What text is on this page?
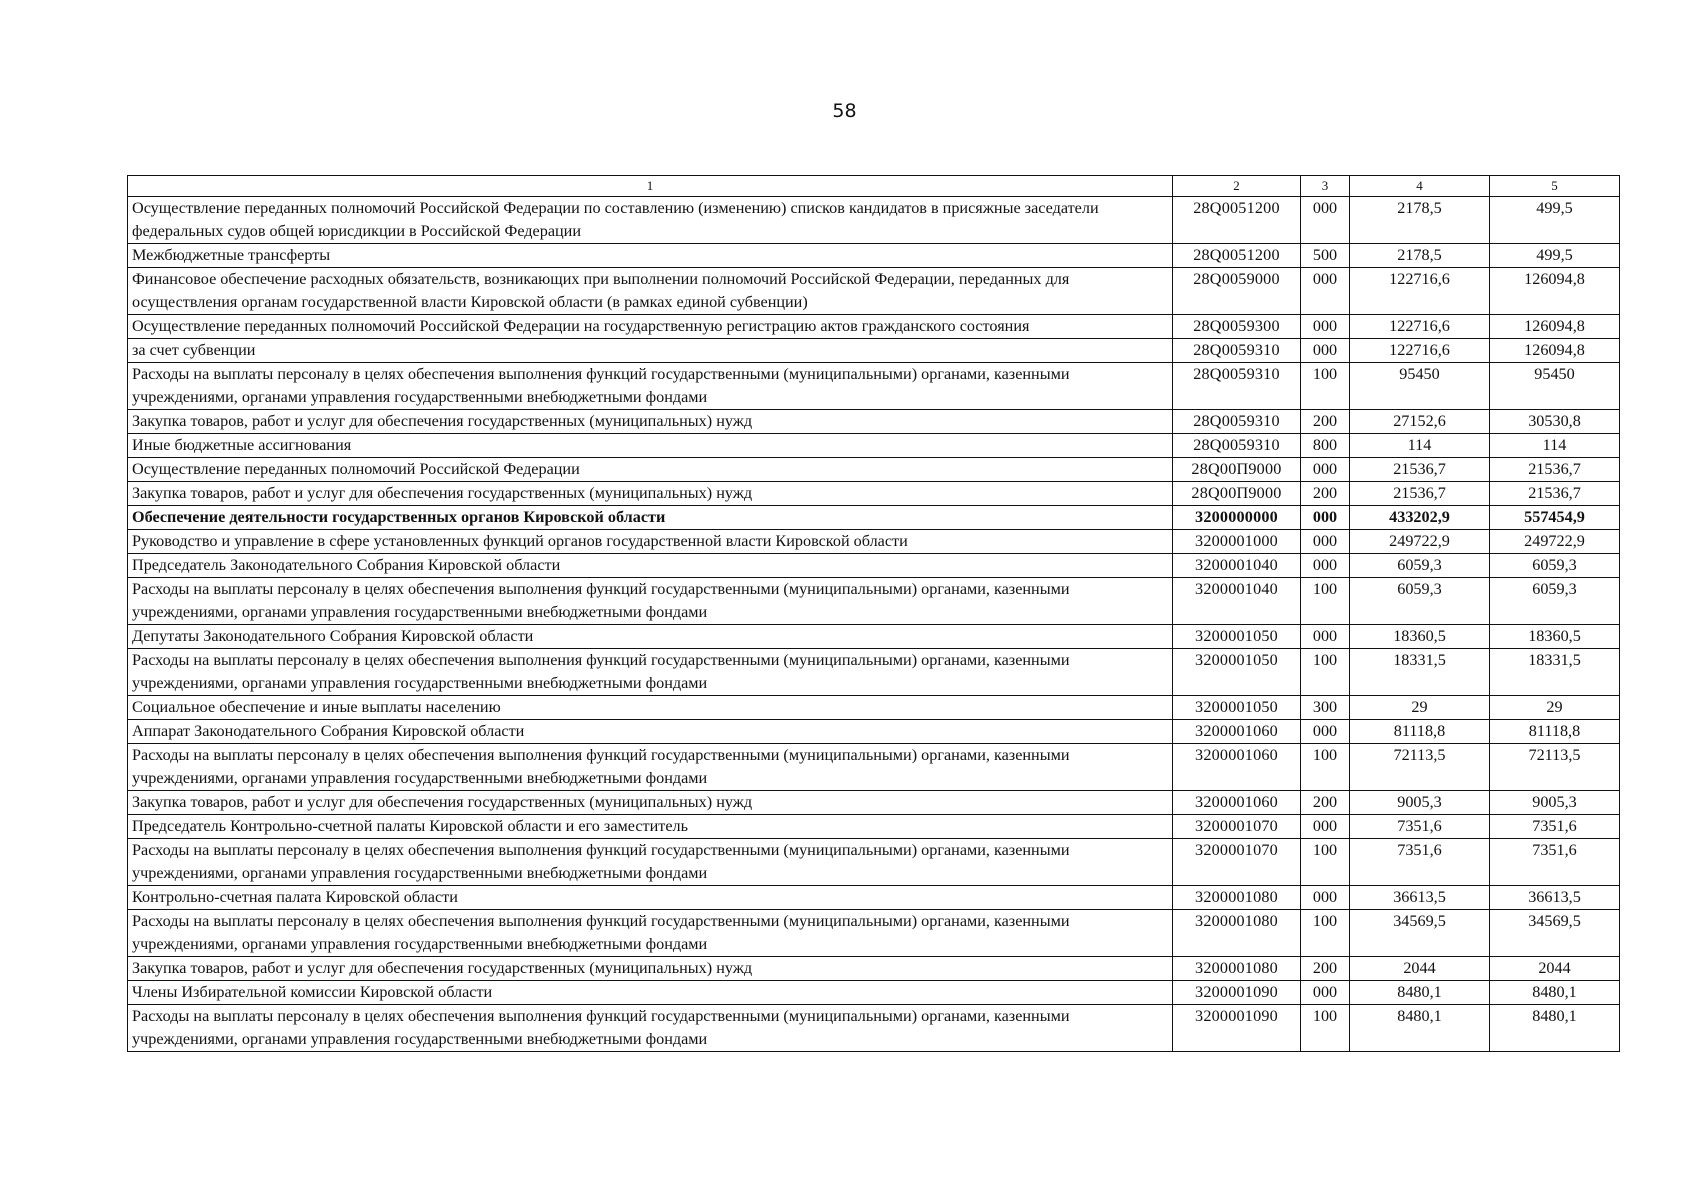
58
1	2	3	4	5
Осуществление переданных полномочий Российской Федерации по составлению (изменению) списков кандидатов в присяжные заседатели федеральных судов общей юрисдикции в Российской Федерации	28Q0051200	000	2178,5	499,5
Межбюджетные трансферты	28Q0051200	500	2178,5	499,5
Финансовое обеспечение расходных обязательств, возникающих при выполнении полномочий Российской Федерации, переданных для осуществления органам государственной власти Кировской области (в рамках единой субвенции)	28Q0059000	000	122716,6	126094,8
Осуществление переданных полномочий Российской Федерации на государственную регистрацию актов гражданского состояния	28Q0059300	000	122716,6	126094,8
за счет субвенции	28Q0059310	000	122716,6	126094,8
Расходы на выплаты персоналу в целях обеспечения выполнения функций государственными (муниципальными) органами, казенными учреждениями, органами управления государственными внебюджетными фондами	28Q0059310	100	95450	95450
Закупка товаров, работ и услуг для обеспечения государственных (муниципальных) нужд	28Q0059310	200	27152,6	30530,8
Иные бюджетные ассигнования	28Q0059310	800	114	114
Осуществление переданных полномочий Российской Федерации	28Q00П9000	000	21536,7	21536,7
Закупка товаров, работ и услуг для обеспечения государственных (муниципальных) нужд	28Q00П9000	200	21536,7	21536,7
Обеспечение деятельности государственных органов Кировской области	3200000000	000	433202,9	557454,9
Руководство и управление в сфере установленных функций органов государственной власти Кировской области	3200001000	000	249722,9	249722,9
Председатель Законодательного Собрания Кировской области	3200001040	000	6059,3	6059,3
Расходы на выплаты персоналу в целях обеспечения выполнения функций государственными (муниципальными) органами, казенными учреждениями, органами управления государственными внебюджетными фондами	3200001040	100	6059,3	6059,3
Депутаты Законодательного Собрания Кировской области	3200001050	000	18360,5	18360,5
Расходы на выплаты персоналу в целях обеспечения выполнения функций государственными (муниципальными) органами, казенными учреждениями, органами управления государственными внебюджетными фондами	3200001050	100	18331,5	18331,5
Социальное обеспечение и иные выплаты населению	3200001050	300	29	29
Аппарат Законодательного Собрания Кировской области	3200001060	000	81118,8	81118,8
Расходы на выплаты персоналу в целях обеспечения выполнения функций государственными (муниципальными) органами, казенными учреждениями, органами управления государственными внебюджетными фондами	3200001060	100	72113,5	72113,5
Закупка товаров, работ и услуг для обеспечения государственных (муниципальных) нужд	3200001060	200	9005,3	9005,3
Председатель Контрольно-счетной палаты Кировской области и его заместитель	3200001070	000	7351,6	7351,6
Расходы на выплаты персоналу в целях обеспечения выполнения функций государственными (муниципальными) органами, казенными учреждениями, органами управления государственными внебюджетными фондами	3200001070	100	7351,6	7351,6
Контрольно-счетная палата Кировской области	3200001080	000	36613,5	36613,5
Расходы на выплаты персоналу в целях обеспечения выполнения функций государственными (муниципальными) органами, казенными учреждениями, органами управления государственными внебюджетными фондами	3200001080	100	34569,5	34569,5
Закупка товаров, работ и услуг для обеспечения государственных (муниципальных) нужд	3200001080	200	2044	2044
Члены Избирательной комиссии Кировской области	3200001090	000	8480,1	8480,1
Расходы на выплаты персоналу в целях обеспечения выполнения функций государственными (муниципальными) органами, казенными учреждениями, органами управления государственными внебюджетными фондами	3200001090	100	8480,1	8480,1
